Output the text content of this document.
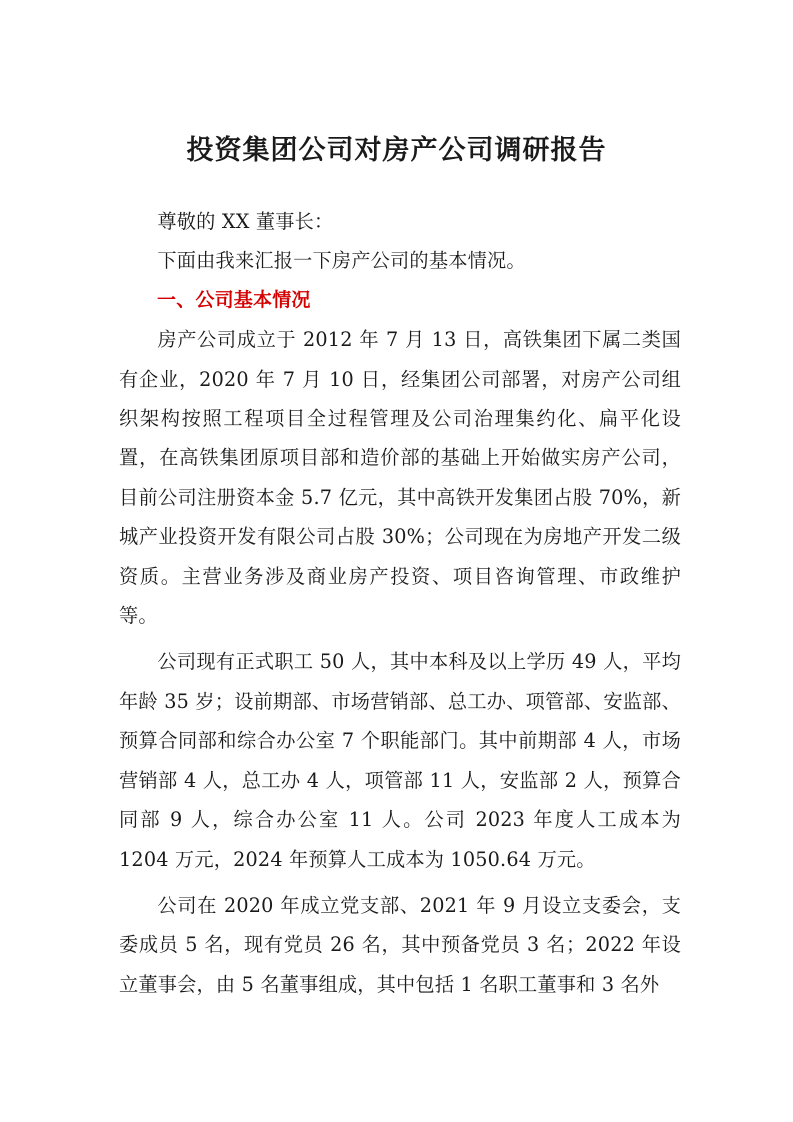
投资集团公司对房产公司调研报告

尊敬的 XX 董事长：

下面由我来汇报一下房产公司的基本情况。

一、公司基本情况

房产公司成立于 2012 年 7 月 13 日，高铁集团下属二类国有企业，2020 年 7 月 10 日，经集团公司部署，对房产公司组织架构按照工程项目全过程管理及公司治理集约化、扁平化设置，在高铁集团原项目部和造价部的基础上开始做实房产公司，目前公司注册资本金 5.7 亿元，其中高铁开发集团占股 70%，新城产业投资开发有限公司占股 30%；公司现在为房地产开发二级资质。主营业务涉及商业房产投资、项目咨询管理、市政维护等。

公司现有正式职工 50 人，其中本科及以上学历 49 人，平均年龄 35 岁；设前期部、市场营销部、总工办、项管部、安监部、预算合同部和综合办公室 7 个职能部门。其中前期部 4 人，市场营销部 4 人，总工办 4 人，项管部 11 人，安监部 2 人，预算合同部 9 人，综合办公室 11 人。公司 2023 年度人工成本为 1204 万元，2024 年预算人工成本为 1050.64 万元。

公司在 2020 年成立党支部、2021 年 9 月设立支委会，支委成员 5 名，现有党员 26 名，其中预备党员 3 名；2022 年设立董事会，由 5 名董事组成，其中包括 1 名职工董事和 3 名外
